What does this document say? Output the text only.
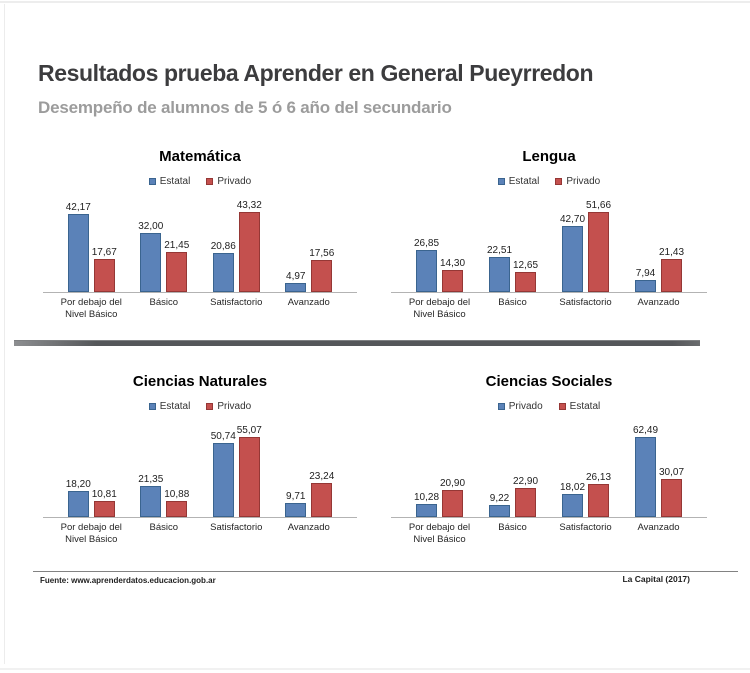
Resultados prueba Aprender en General Pueyrredon
Desempeño de alumnos de 5 ó 6 año del secundario
Matemática
Estatal	Privado
42,17
17,67
32,00
21,45 20,86
43,32
4,97
17,56
Por debajo del Nivel Básico
Básico	Satisfactorio	Avanzado
Lengua
Estatal	Privado
26,85
14,30
22,51
12,65
42,70
51,66
7,94
21,43
Por debajo del Nivel Básico
Básico	Satisfactorio	Avanzado
Ciencias Naturales
Estatal	Privado
18,20
10,81
21,35
10,88
50,74
55,07
9,71
23,24
Por debajo del Nivel Básico
Básico	Satisfactorio	Avanzado
Ciencias Sociales
Privado	Estatal
10,28
20,90
9,22
22,90
18,02
26,13
62,49
30,07
Por debajo del Nivel Básico
Básico	Satisfactorio	Avanzado
Fuente: www.aprenderdatos.educacion.gob.ar	La Capital (2017)
